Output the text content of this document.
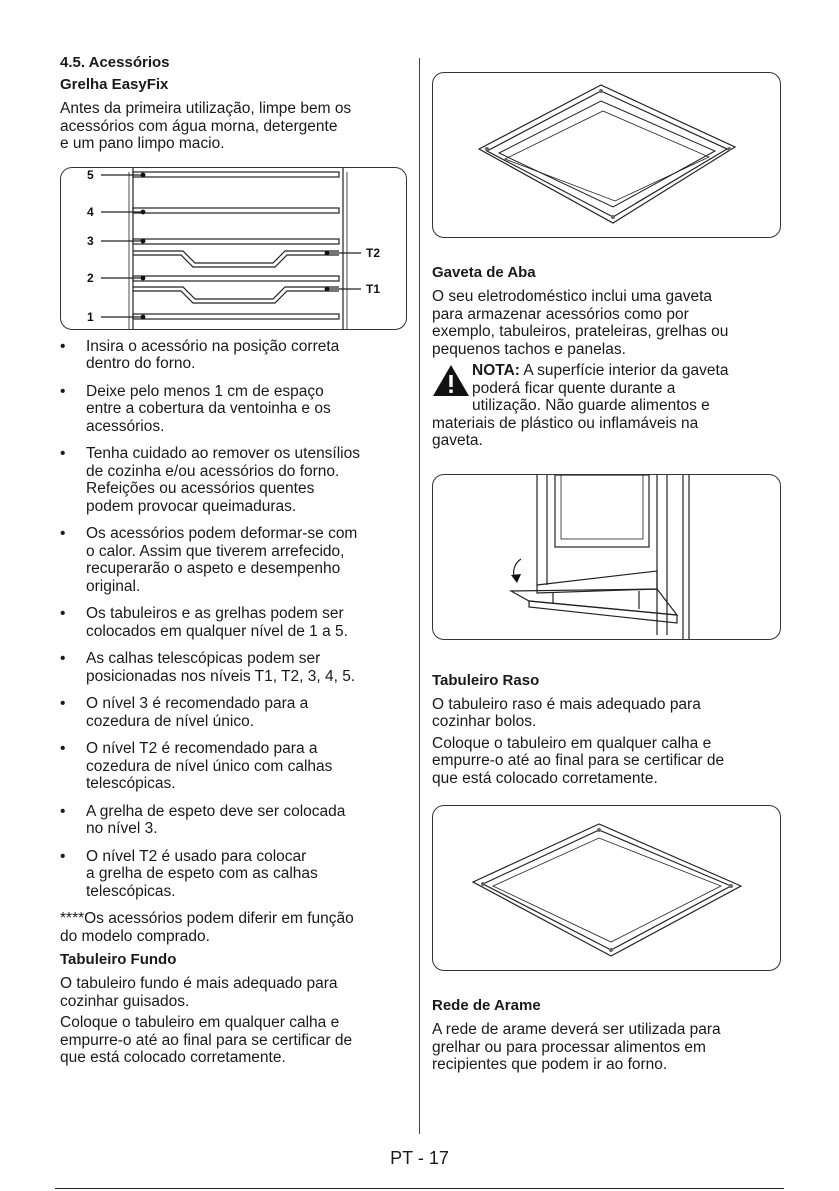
4.5. Acessórios
Grelha EasyFix

Antes da primeira utilização, limpe bem os
acessórios com água morna, detergente
e um pano limpo macio.

5
4
3
2
1
T2
T1
• Insira o acessório na posição correta
dentro do forno.
• Deixe pelo menos 1 cm de espaço
entre a cobertura da ventoinha e os
acessórios.
• Tenha cuidado ao remover os utensílios
de cozinha e/ou acessórios do forno.
Refeições ou acessórios quentes
podem provocar queimaduras.
• Os acessórios podem deformar-se com
o calor. Assim que tiverem arrefecido,
recuperarão o aspeto e desempenho
original.
• Os tabuleiros e as grelhas podem ser
colocados em qualquer nível de 1 a 5.
• As calhas telescópicas podem ser
posicionadas nos níveis T1, T2, 3, 4, 5.
• O nível 3 é recomendado para a
cozedura de nível único.
• O nível T2 é recomendado para a
cozedura de nível único com calhas
telescópicas.
• A grelha de espeto deve ser colocada
no nível 3.
• O nível T2 é usado para colocar
a grelha de espeto com as calhas
telescópicas.

****Os acessórios podem diferir em função
do modelo comprado.

Tabuleiro Fundo

O tabuleiro fundo é mais adequado para
cozinhar guisados.

Coloque o tabuleiro em qualquer calha e
empurre-o até ao final para se certificar de
que está colocado corretamente.

Gaveta de Aba

O seu eletrodoméstico inclui uma gaveta
para armazenar acessórios como por
exemplo, tabuleiros, prateleiras, grelhas ou
pequenos tachos e panelas.

NOTA: A superfície interior da gaveta
poderá ficar quente durante a
utilização. Não guarde alimentos e
materiais de plástico ou inflamáveis na
gaveta.
Tabuleiro Raso

O tabuleiro raso é mais adequado para
cozinhar bolos.

Coloque o tabuleiro em qualquer calha e
empurre-o até ao final para se certificar de
que está colocado corretamente.

Rede de Arame

A rede de arame deverá ser utilizada para
grelhar ou para processar alimentos em
recipientes que podem ir ao forno.

PT - 17
